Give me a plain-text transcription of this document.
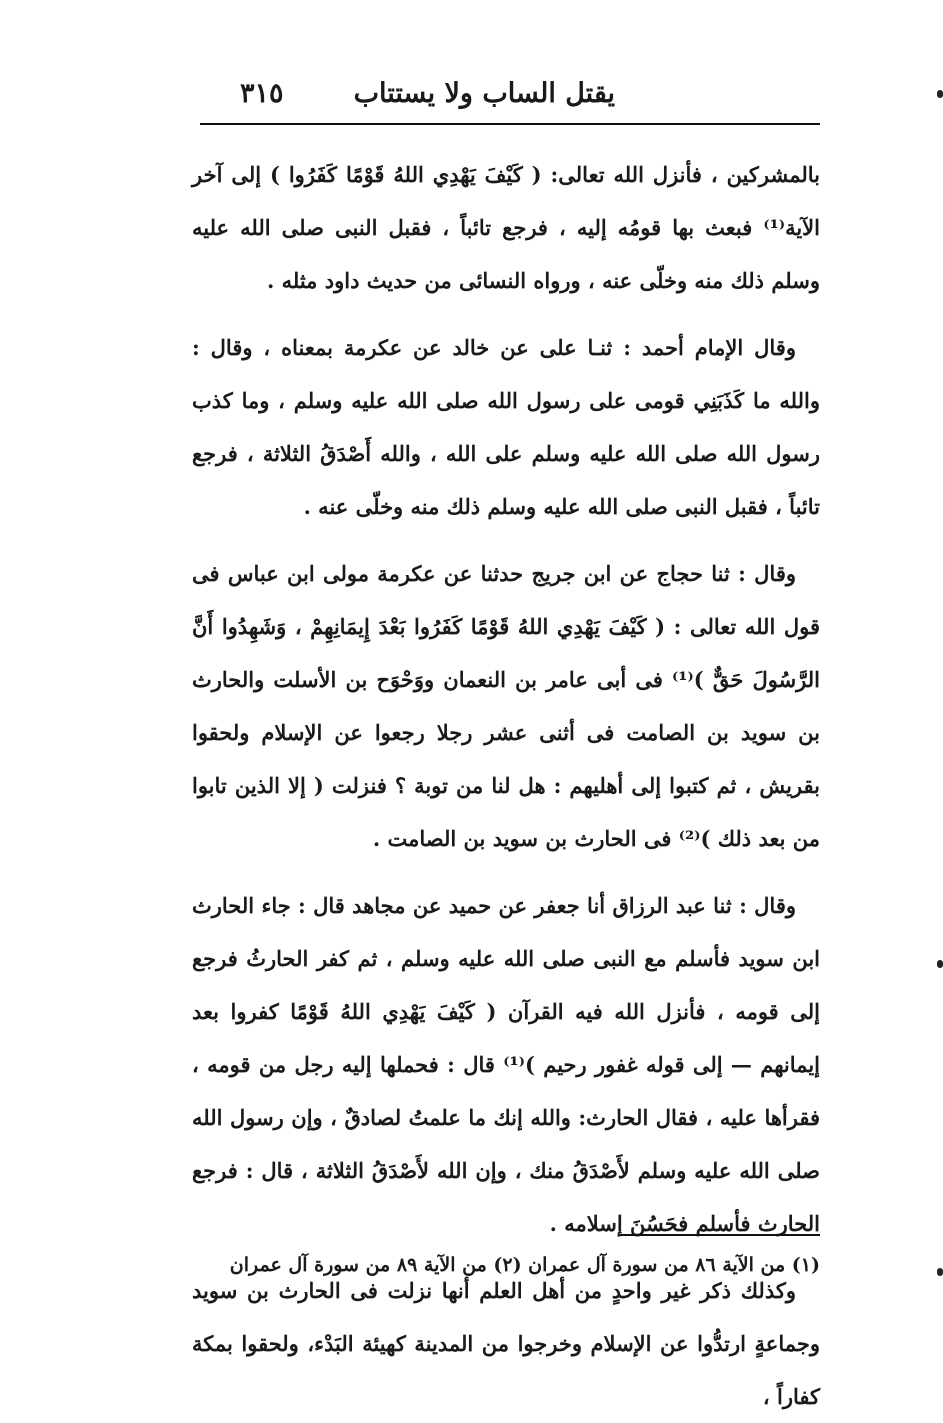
يقتل الساب ولا يستتاب
٣١٥

بالمشركين ، فأنزل الله تعالى: ( كَيْفَ يَهْدِي اللهُ قَوْمًا كَفَرُوا ) إلى آخر الآية⁽¹⁾ فبعث بها قومُه إليه ، فرجع تائباً ، فقبل النبى صلى الله عليه وسلم ذلك منه وخلّى عنه ، ورواه النسائى من حديث داود مثله .

وقال الإمام أحمد : ثنـا على عن خالد عن عكرمة بمعناه ، وقال : والله ما كَذَبَنِي قومى على رسول الله صلى الله عليه وسلم ، وما كذب رسول الله صلى الله عليه وسلم على الله ، والله أَصْدَقُ الثلاثة ، فرجع تائباً ، فقبل النبى صلى الله عليه وسلم ذلك منه وخلّى عنه .

وقال : ثنا حجاج عن ابن جريج حدثنا عن عكرمة مولى ابن عباس فى قول الله تعالى : ( كَيْفَ يَهْدِي اللهُ قَوْمًا كَفَرُوا بَعْدَ إِيمَانِهِمْ ، وَشَهِدُوا أَنَّ الرَّسُولَ حَقٌّ )⁽¹⁾ فى أبى عامر بن النعمان ووَحْوَح بن الأسلت والحارث بن سويد بن الصامت فى أثنى عشر رجلا رجعوا عن الإسلام ولحقوا بقريش ، ثم كتبوا إلى أهليهم : هل لنا من توبة ؟ فنزلت ( إلا الذين تابوا من بعد ذلك )⁽²⁾ فى الحارث بن سويد بن الصامت .

وقال : ثنا عبد الرزاق أنا جعفر عن حميد عن مجاهد قال : جاء الحارث ابن سويد فأسلم مع النبى صلى الله عليه وسلم ، ثم كفر الحارثُ فرجع إلى قومه ، فأنزل الله فيه القرآن ( كَيْفَ يَهْدِي اللهُ قَوْمًا كفروا بعد إيمانهم — إلى قوله غفور رحيم )⁽¹⁾ قال : فحملها إليه رجل من قومه ، فقرأها عليه ، فقال الحارث: والله إنك ما علمتُ لصادقٌ ، وإن رسول الله صلى الله عليه وسلم لأَصْدَقُ منك ، وإن الله لأَصْدَقُ الثلاثة ، قال : فرجع الحارث فأسلم فحَسُنَ إسلامه .

وكذلك ذكر غير واحدٍ من أهل العلم أنها نزلت فى الحارث بن سويد وجماعةٍ ارتدُّوا عن الإسلام وخرجوا من المدينة كهيئة البَدْء، ولحقوا بمكة كفاراً ،

(١) من الآية ٨٦ من سورة آل عمران (٢) من الآية ٨٩ من سورة آل عمران
